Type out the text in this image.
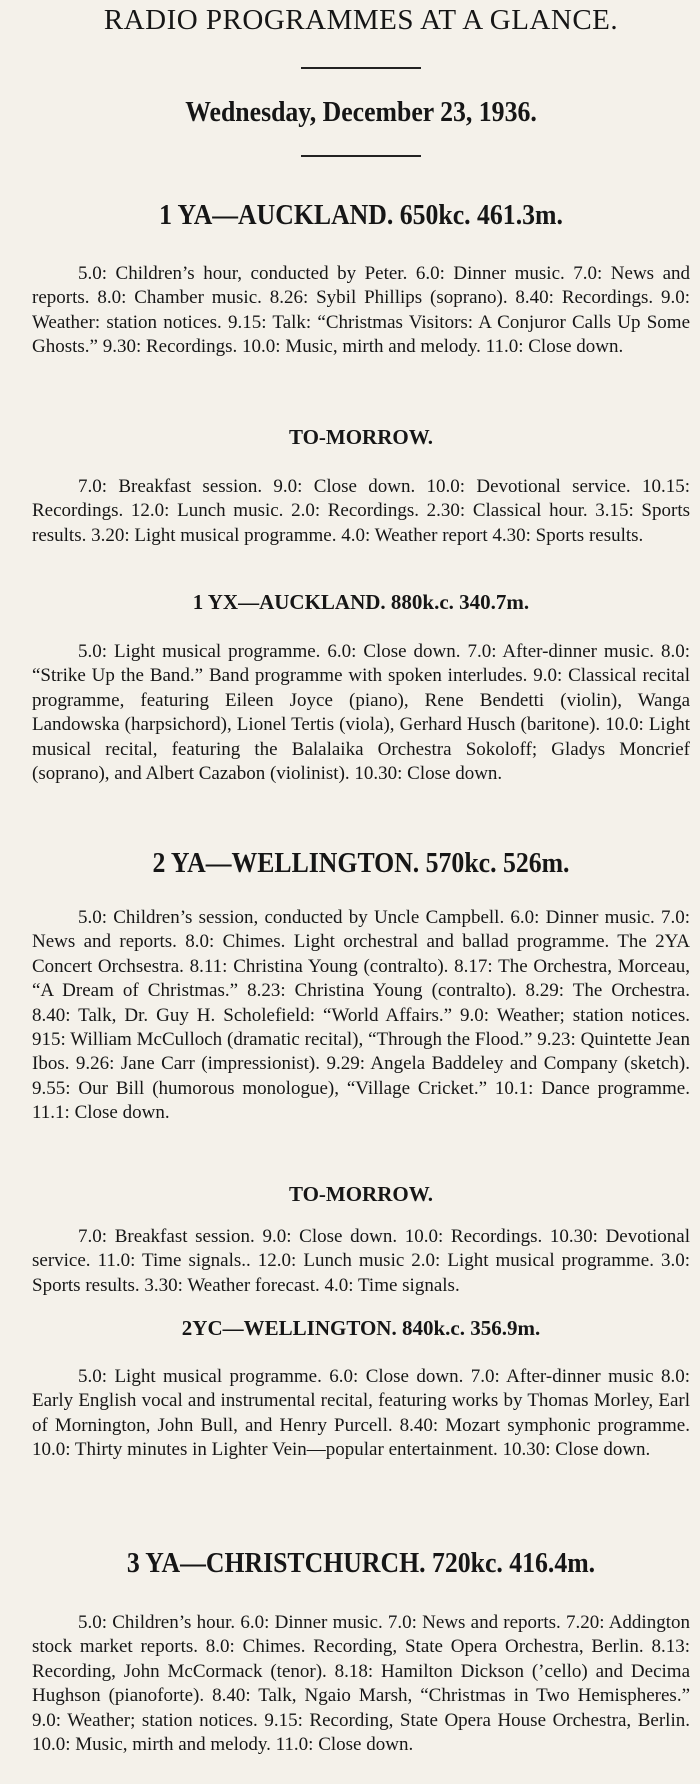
RADIO PROGRAMMES AT A GLANCE.
Wednesday, December 23, 1936.
1 YA—AUCKLAND. 650kc. 461.3m.

5.0: Children’s hour, conducted by Peter. 6.0: Dinner music. 7.0: News and reports. 8.0: Chamber music. 8.26: Sybil Phillips (soprano). 8.40: Recordings. 9.0: Weather: station notices. 9.15: Talk: “Christmas Visitors: A Conjuror Calls Up Some Ghosts.” 9.30: Recordings. 10.0: Music, mirth and melody. 11.0: Close down.

TO-MORROW.

7.0: Breakfast session. 9.0: Close down. 10.0: Devotional service. 10.15: Recordings. 12.0: Lunch music. 2.0: Recordings. 2.30: Classical hour. 3.15: Sports results. 3.20: Light musical programme. 4.0: Weather report 4.30: Sports results.

1 YX—AUCKLAND. 880k.c. 340.7m.

5.0: Light musical programme. 6.0: Close down. 7.0: After-dinner music. 8.0: “Strike Up the Band.” Band programme with spoken interludes. 9.0: Classical recital programme, featuring Eileen Joyce (piano), Rene Bendetti (violin), Wanga Landowska (harpsichord), Lionel Tertis (viola), Gerhard Husch (baritone). 10.0: Light musical recital, featuring the Balalaika Orchestra Sokoloff; Gladys Moncrief (soprano), and Albert Cazabon (violinist). 10.30: Close down.

2 YA—WELLINGTON. 570kc. 526m.

5.0: Children’s session, conducted by Uncle Campbell. 6.0: Dinner music. 7.0: News and reports. 8.0: Chimes. Light orchestral and ballad programme. The 2YA Concert Orchsestra. 8.11: Christina Young (contralto). 8.17: The Orchestra, Morceau, “A Dream of Christmas.” 8.23: Christina Young (contralto). 8.29: The Orchestra. 8.40: Talk, Dr. Guy H. Scholefield: “World Affairs.” 9.0: Weather; station notices. 915: William McCulloch (dramatic recital), “Through the Flood.” 9.23: Quintette Jean Ibos. 9.26: Jane Carr (impressionist). 9.29: Angela Baddeley and Company (sketch). 9.55: Our Bill (humorous monologue), “Village Cricket.” 10.1: Dance programme. 11.1: Close down.

TO-MORROW.

7.0: Breakfast session. 9.0: Close down. 10.0: Recordings. 10.30: Devotional service. 11.0: Time signals.. 12.0: Lunch music 2.0: Light musical programme. 3.0: Sports results. 3.30: Weather forecast. 4.0: Time signals.

2YC—WELLINGTON. 840k.c. 356.9m.

5.0: Light musical programme. 6.0: Close down. 7.0: After-dinner music 8.0: Early English vocal and instrumental recital, featuring works by Thomas Morley, Earl of Mornington, John Bull, and Henry Purcell. 8.40: Mozart symphonic programme. 10.0: Thirty minutes in Lighter Vein—popular entertainment. 10.30: Close down.

3 YA—CHRISTCHURCH. 720kc. 416.4m.

5.0: Children’s hour. 6.0: Dinner music. 7.0: News and reports. 7.20: Addington stock market reports. 8.0: Chimes. Recording, State Opera Orchestra, Berlin. 8.13: Recording, John McCormack (tenor). 8.18: Hamilton Dickson (’cello) and Decima Hughson (pianoforte). 8.40: Talk, Ngaio Marsh, “Christmas in Two Hemispheres.” 9.0: Weather; station notices. 9.15: Recording, State Opera House Orchestra, Berlin. 10.0: Music, mirth and melody. 11.0: Close down.
